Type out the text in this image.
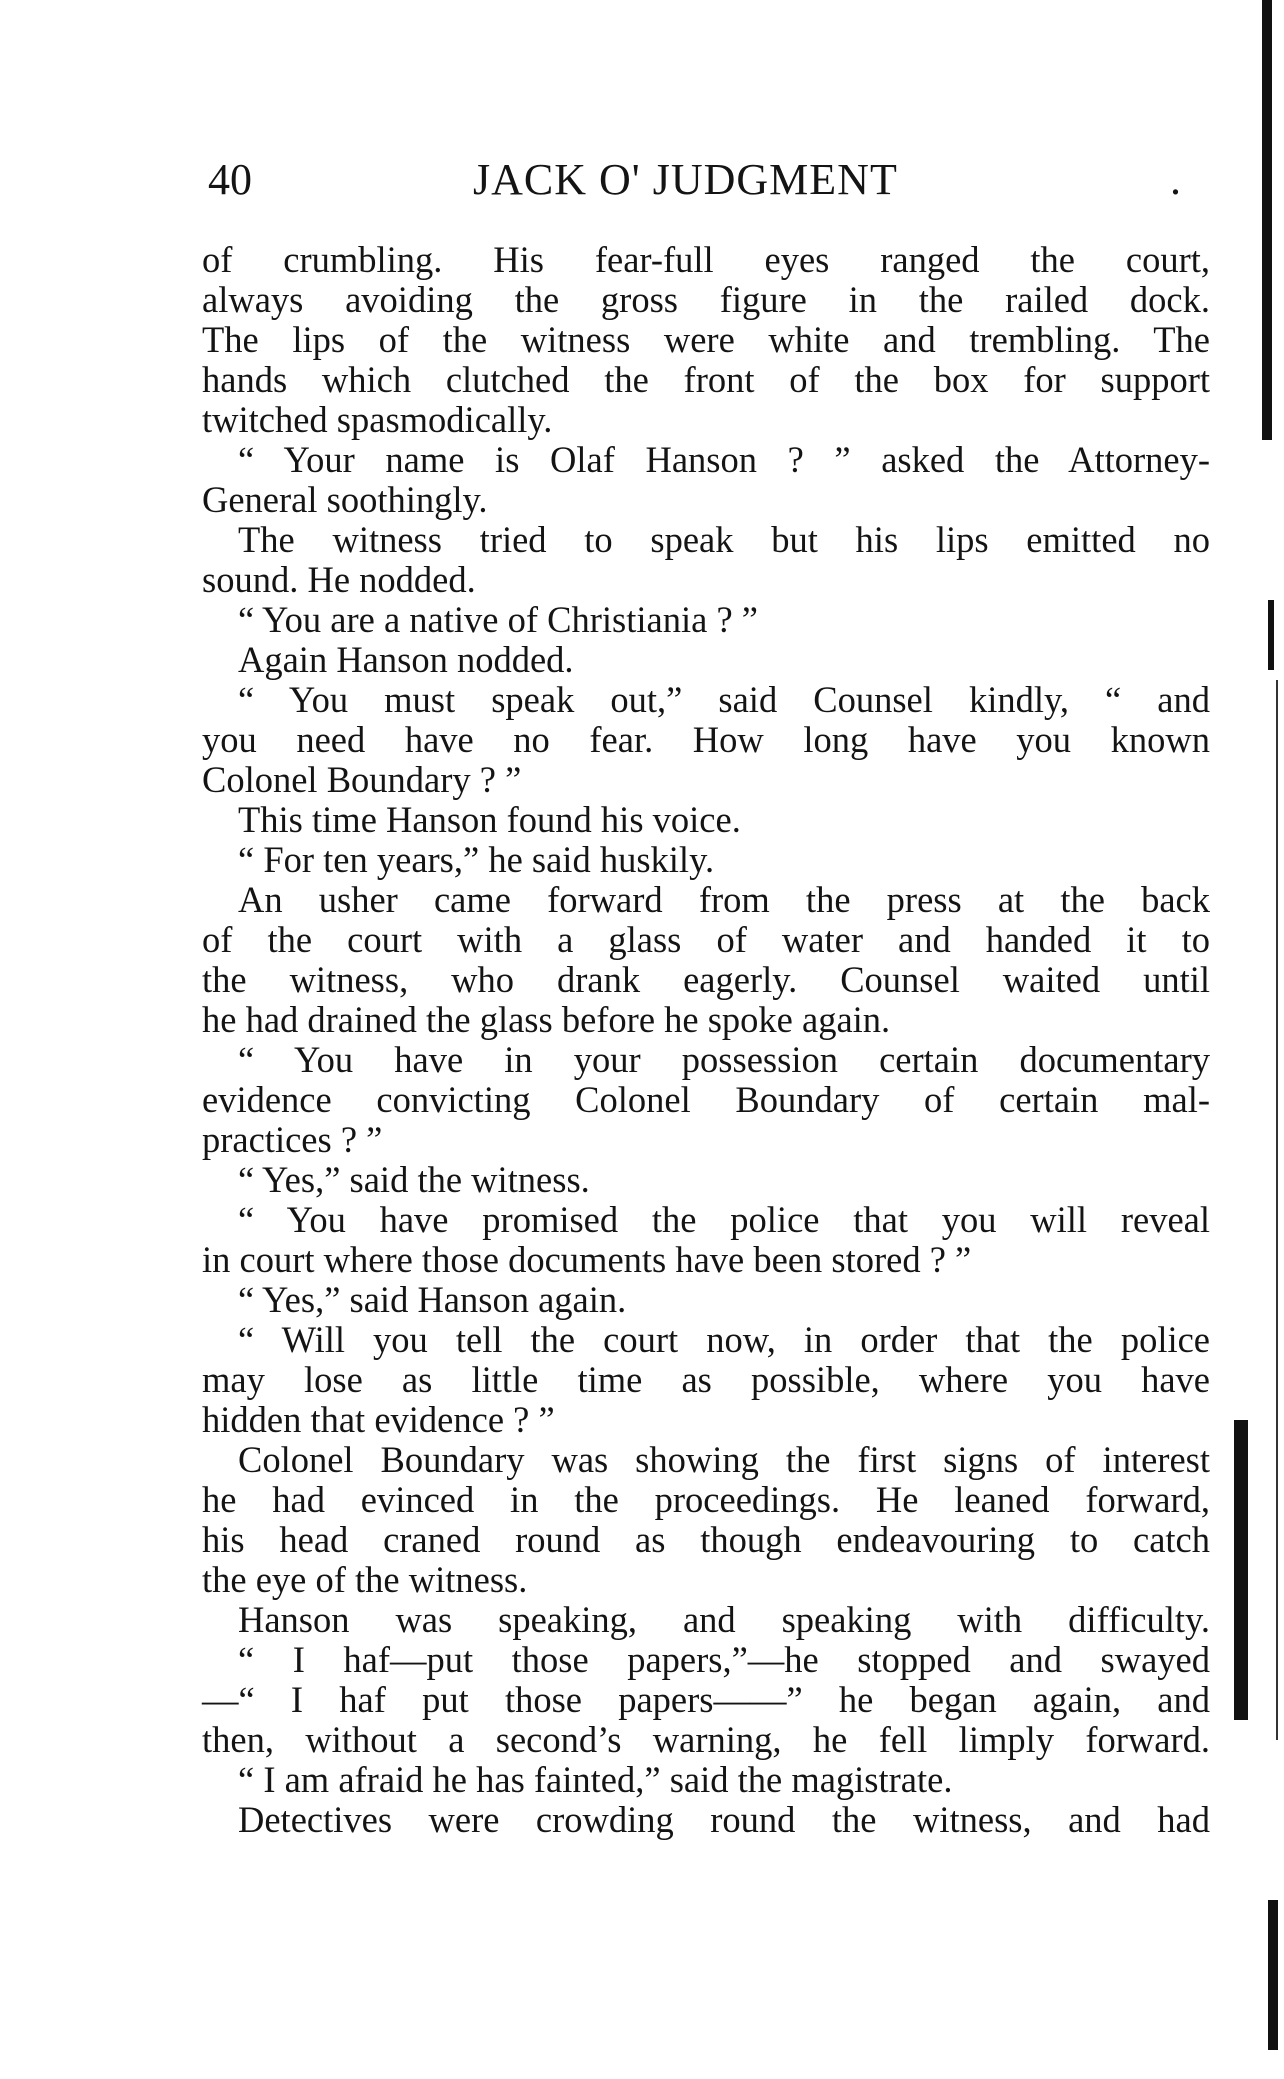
40	JACK O' JUDGMENT	.
of crumbling. His fear-full eyes ranged the court,
always avoiding the gross figure in the railed dock.
The lips of the witness were white and trembling. The
hands which clutched the front of the box for support
twitched spasmodically.
“ Your name is Olaf Hanson ? ” asked the Attorney-
General soothingly.
The witness tried to speak but his lips emitted no
sound. He nodded.
“ You are a native of Christiania ? ”
Again Hanson nodded.
“ You must speak out,” said Counsel kindly, “ and
you need have no fear. How long have you known
Colonel Boundary ? ”
This time Hanson found his voice.
“ For ten years,” he said huskily.
An usher came forward from the press at the back
of the court with a glass of water and handed it to
the witness, who drank eagerly. Counsel waited until
he had drained the glass before he spoke again.
“ You have in your possession certain documentary
evidence convicting Colonel Boundary of certain mal-
practices ? ”
“ Yes,” said the witness.
“ You have promised the police that you will reveal
in court where those documents have been stored ? ”
“ Yes,” said Hanson again.
“ Will you tell the court now, in order that the police
may lose as little time as possible, where you have
hidden that evidence ? ”
Colonel Boundary was showing the first signs of interest
he had evinced in the proceedings. He leaned forward,
his head craned round as though endeavouring to catch
the eye of the witness.
Hanson was speaking, and speaking with difficulty.
“ I haf—put those papers,”—he stopped and swayed
—“ I haf put those papers——” he began again, and
then, without a second’s warning, he fell limply forward.
“ I am afraid he has fainted,” said the magistrate.
Detectives were crowding round the witness, and had
